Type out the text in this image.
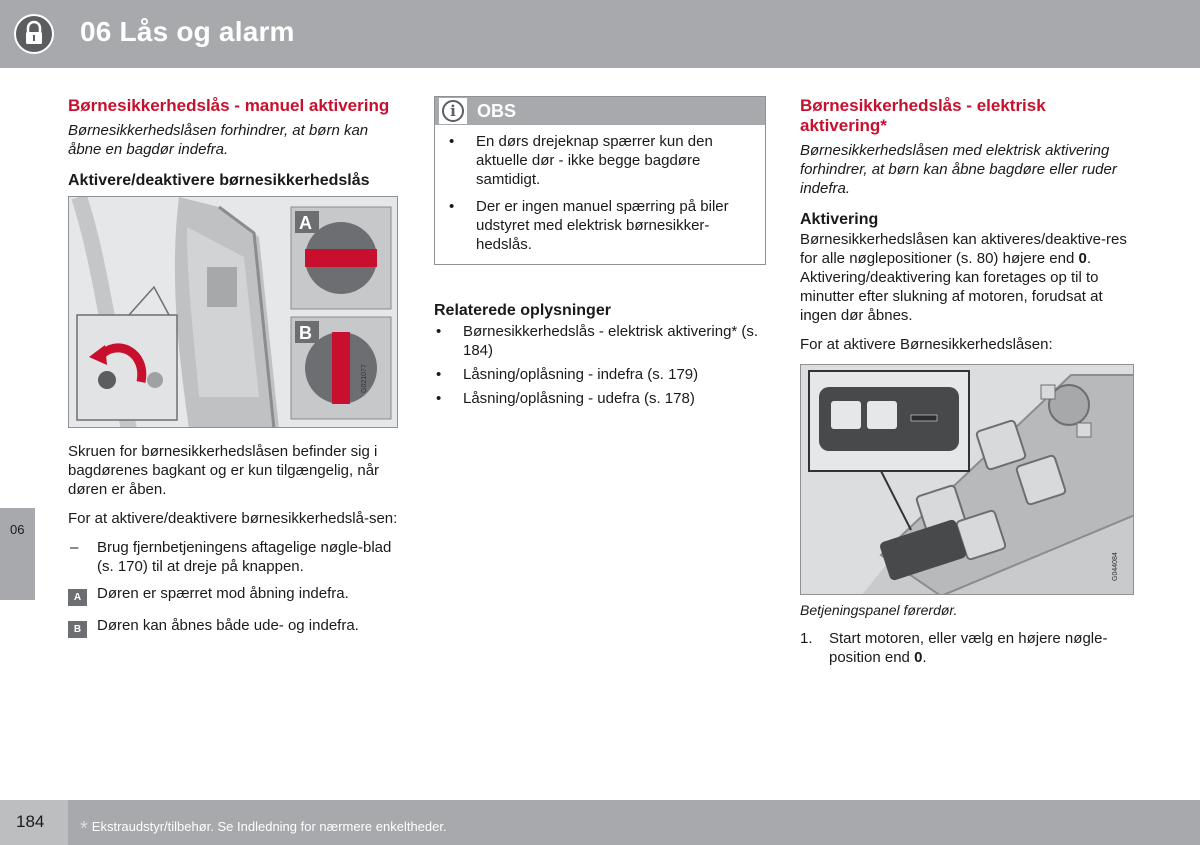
06 Lås og alarm
06
Børnesikkerhedslås - manuel aktivering
Børnesikkerhedslåsen forhindrer, at børn kan åbne en bagdør indefra.
Aktivere/deaktivere børnesikkerhedslås
A
B
G021077
Skruen for børnesikkerhedslåsen befinder sig i bagdørenes bagkant og er kun tilgængelig, når døren er åben.
For at aktivere/deaktivere børnesikkerhedslå-sen:
– Brug fjernbetjeningens aftagelige nøgle-blad (s. 170) til at dreje på knappen.
A	Døren er spærret mod åbning indefra.
B	Døren kan åbnes både ude- og indefra.
i	OBS
• En dørs drejeknap spærrer kun den aktuelle dør - ikke begge bagdøre samtidigt.
• Der er ingen manuel spærring på biler udstyret med elektrisk børnesikker-hedslås.
Relaterede oplysninger
• Børnesikkerhedslås - elektrisk aktivering* (s. 184)
• Låsning/oplåsning - indefra (s. 179)
• Låsning/oplåsning - udefra (s. 178)
Børnesikkerhedslås - elektrisk aktivering*
Børnesikkerhedslåsen med elektrisk aktivering forhindrer, at børn kan åbne bagdøre eller ruder indefra.
Aktivering
Børnesikkerhedslåsen kan aktiveres/deaktive-res for alle nøglepositioner (s. 80) højere end 0. Aktivering/deaktivering kan foretages op til to minutter efter slukning af motoren, forudsat at ingen dør åbnes.
For at aktivere Børnesikkerhedslåsen:
G044084
Betjeningspanel førerdør.
1. Start motoren, eller vælg en højere nøgle-position end 0.
184 * Ekstraudstyr/tilbehør. Se Indledning for nærmere enkeltheder.
